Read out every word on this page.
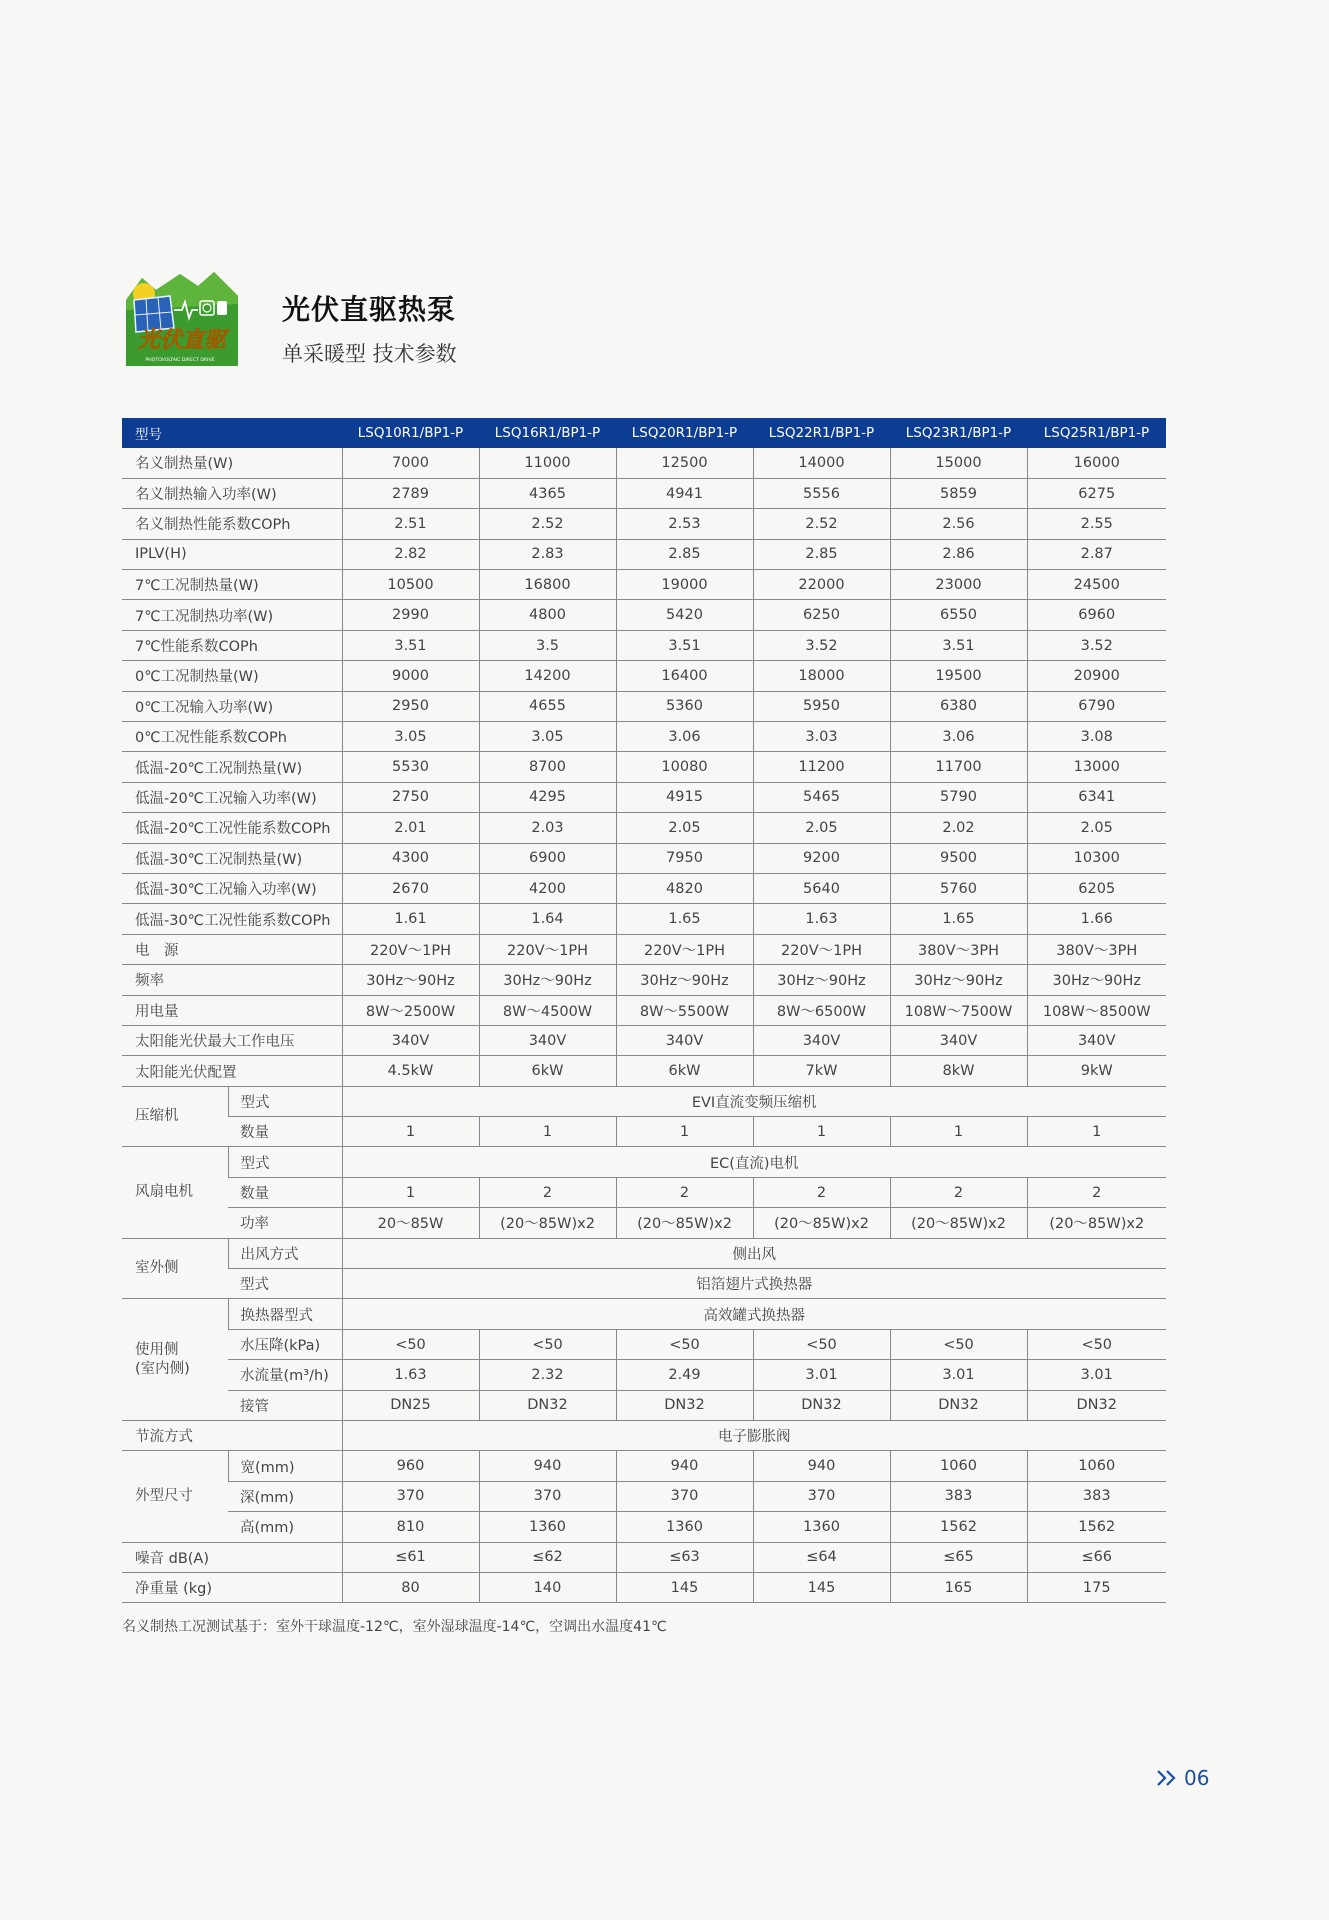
光伏直驱
PHOTOVOLTAIC DIRECT DRIVE
光伏直驱热泵
单采暖型 技术参数
型号		LSQ10R1/BP1-P	LSQ16R1/BP1-P	LSQ20R1/BP1-P	LSQ22R1/BP1-P	LSQ23R1/BP1-P	LSQ25R1/BP1-P
名义制热量(W)		7000	11000	12500	14000	15000	16000
名义制热输入功率(W)		2789	4365	4941	5556	5859	6275
名义制热性能系数COPh		2.51	2.52	2.53	2.52	2.56	2.55
IPLV(H)		2.82	2.83	2.85	2.85	2.86	2.87
7℃工况制热量(W)		10500	16800	19000	22000	23000	24500
7℃工况制热功率(W)		2990	4800	5420	6250	6550	6960
7℃性能系数COPh		3.51	3.5	3.51	3.52	3.51	3.52
0℃工况制热量(W)		9000	14200	16400	18000	19500	20900
0℃工况输入功率(W)		2950	4655	5360	5950	6380	6790
0℃工况性能系数COPh		3.05	3.05	3.06	3.03	3.06	3.08
低温-20℃工况制热量(W)		5530	8700	10080	11200	11700	13000
低温-20℃工况输入功率(W)		2750	4295	4915	5465	5790	6341
低温-20℃工况性能系数COPh		2.01	2.03	2.05	2.05	2.02	2.05
低温-30℃工况制热量(W)		4300	6900	7950	9200	9500	10300
低温-30℃工况输入功率(W)		2670	4200	4820	5640	5760	6205
低温-30℃工况性能系数COPh		1.61	1.64	1.65	1.63	1.65	1.66
电　源		220V～1PH	220V～1PH	220V～1PH	220V～1PH	380V～3PH	380V～3PH
频率		30Hz～90Hz	30Hz～90Hz	30Hz～90Hz	30Hz～90Hz	30Hz～90Hz	30Hz～90Hz
用电量		8W～2500W	8W～4500W	8W～5500W	8W～6500W	108W～7500W	108W～8500W
太阳能光伏最大工作电压		340V	340V	340V	340V	340V	340V
太阳能光伏配置		4.5kW	6kW	6kW	7kW	8kW	9kW
压缩机	型式	EVI直流变频压缩机					
	数量	1	1	1	1	1	1
风扇电机	型式	EC(直流)电机					
	数量	1	2	2	2	2	2
	功率	20～85W	(20～85W)x2	(20～85W)x2	(20～85W)x2	(20～85W)x2	(20～85W)x2
室外侧	出风方式	侧出风					
	型式	铝箔翅片式换热器					

使用侧
(室内侧)	换热器型式	高效罐式换热器					
	水压降(kPa)	<50	<50	<50	<50	<50	<50
	水流量(m³/h)	1.63	2.32	2.49	3.01	3.01	3.01
	接管	DN25	DN32	DN32	DN32	DN32	DN32
节流方式		电子膨胀阀					
外型尺寸	宽(mm)	960	940	940	940	1060	1060
	深(mm)	370	370	370	370	383	383
	高(mm)	810	1360	1360	1360	1562	1562
噪音 dB(A)		≤61	≤62	≤63	≤64	≤65	≤66
净重量 (kg)		80	140	145	145	165	175
名义制热工况测试基于：室外干球温度-12℃，室外湿球温度-14℃，空调出水温度41℃
06
